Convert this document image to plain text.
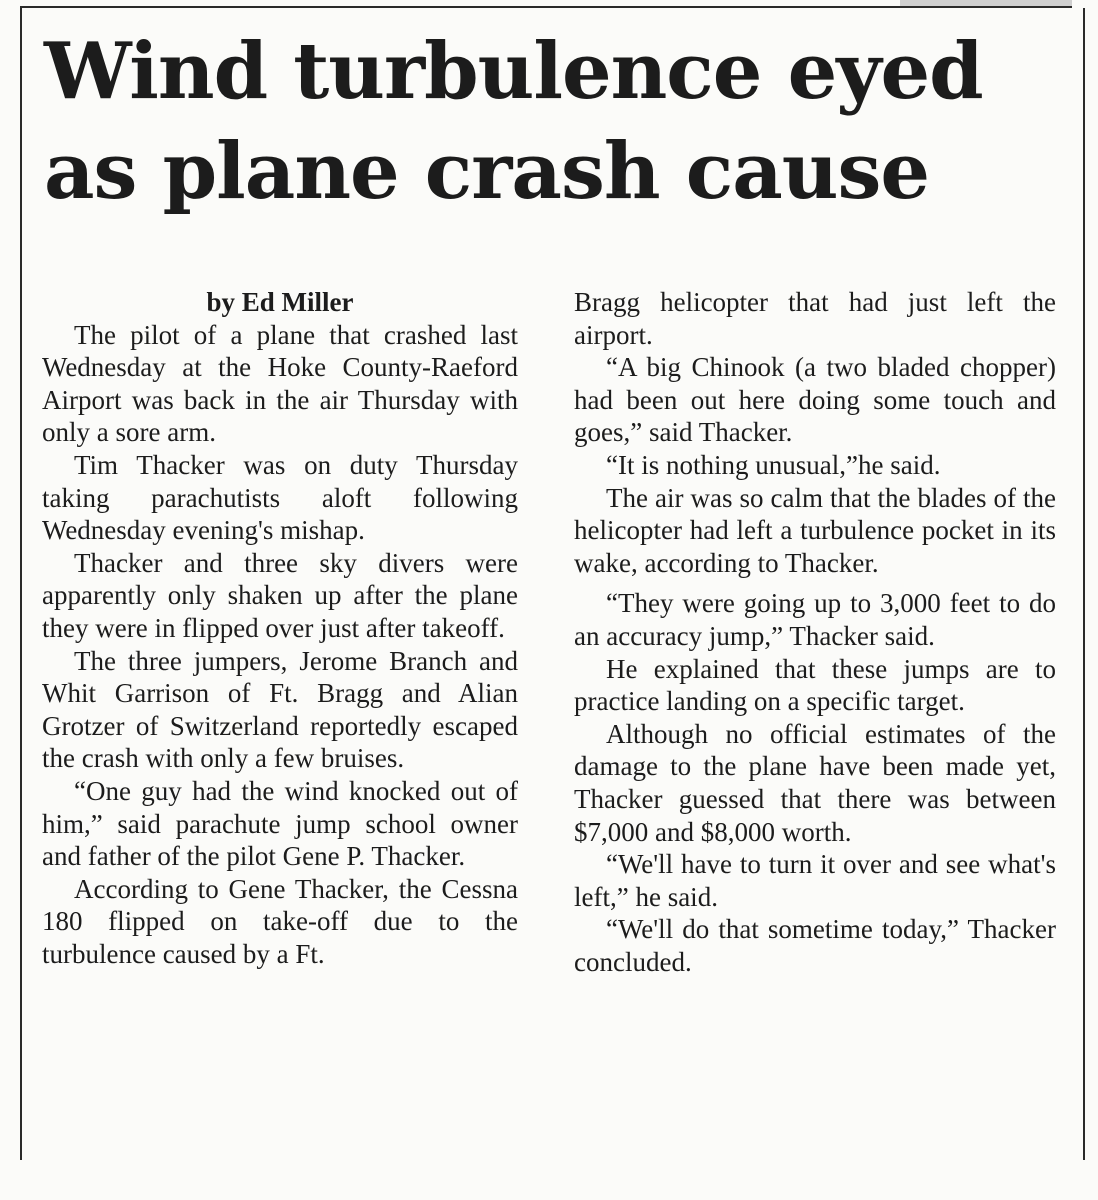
Wind turbulence eyed
as plane crash cause

by Ed Miller

The pilot of a plane that crashed last Wednesday at the Hoke County-Raeford Airport was back in the air Thursday with only a sore arm.

Tim Thacker was on duty Thursday taking parachutists aloft following Wednesday evening's mishap.

Thacker and three sky divers were apparently only shaken up after the plane they were in flipped over just after takeoff.

The three jumpers, Jerome Branch and Whit Garrison of Ft. Bragg and Alian Grotzer of Switzerland reportedly escaped the crash with only a few bruises.

“One guy had the wind knocked out of him,” said parachute jump school owner and father of the pilot Gene P. Thacker.

According to Gene Thacker, the Cessna 180 flipped on take-off due to the turbulence caused by a Ft.

Bragg helicopter that had just left the airport.

“A big Chinook (a two bladed chopper) had been out here doing some touch and goes,” said Thacker.

“It is nothing unusual,”he said.

The air was so calm that the blades of the helicopter had left a turbulence pocket in its wake, according to Thacker.

“They were going up to 3,000 feet to do an accuracy jump,” Thacker said.

He explained that these jumps are to practice landing on a specific target.

Although no official estimates of the damage to the plane have been made yet, Thacker guessed that there was between $7,000 and $8,000 worth.

“We'll have to turn it over and see what's left,” he said.

“We'll do that sometime today,” Thacker concluded.
